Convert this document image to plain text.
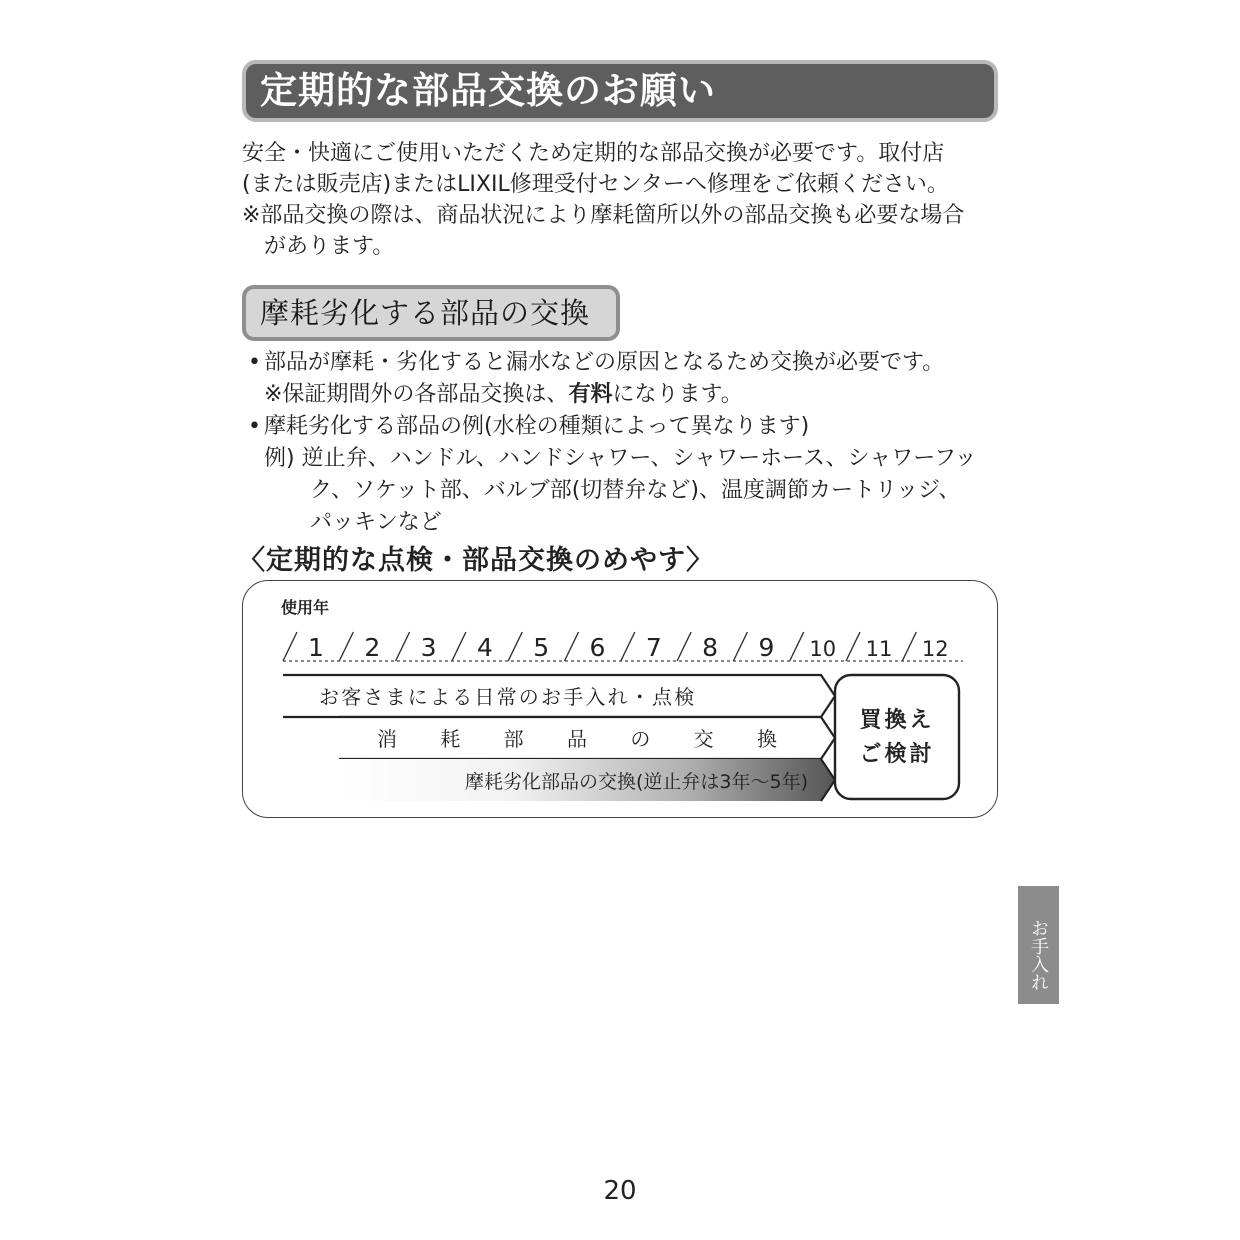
定期的な部品交換のお願い

安全・快適にご使用いただくため定期的な部品交換が必要です。取付店

(または販売店)またはLIXIL修理受付センターへ修理をご依頼ください。

※部品交換の際は、商品状況により摩耗箇所以外の部品交換も必要な場合

があります。

摩耗劣化する部品の交換

• 部品が摩耗・劣化すると漏水などの原因となるため交換が必要です。

※保証期間外の各部品交換は、有料になります。

• 摩耗劣化する部品の例(水栓の種類によって異なります)

例) 逆止弁、ハンドル、ハンドシャワー、シャワーホース、シャワーフッ

ク、ソケット部、バルブ部(切替弁など)、温度調節カートリッジ、

パッキンなど

〈定期的な点検・部品交換のめやす〉
使用年
1 2 3 4 5 6 7 8 9 10 11 12
お客さまによる日常のお手入れ・点検
消 耗 部 品 の 交 換
摩耗劣化部品の交換(逆止弁は3年〜5年)
買換え
ご検討
お手入れ
20
